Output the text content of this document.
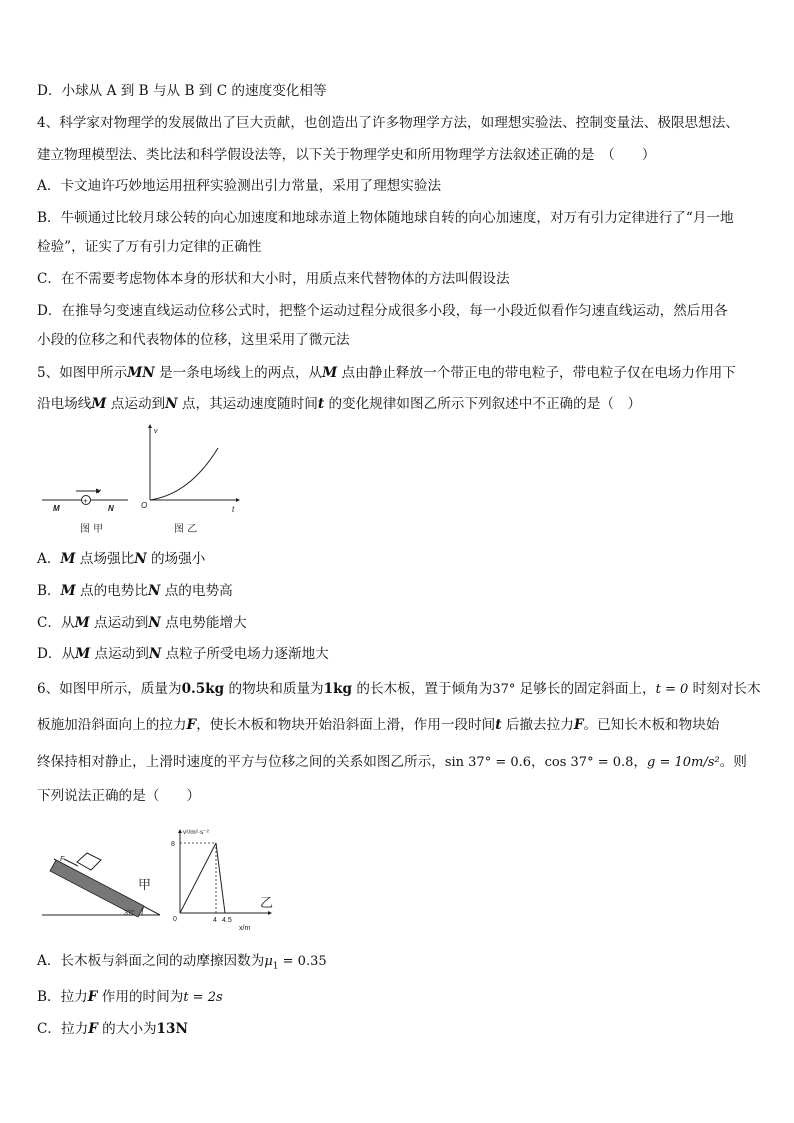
D．小球从 A 到 B 与从 B 到 C 的速度变化相等
4、科学家对物理学的发展做出了巨大贡献，也创造出了许多物理学方法，如理想实验法、控制变量法、极限思想法、
建立物理模型法、类比法和科学假设法等，以下关于物理学史和所用物理学方法叙述正确的是　（　　）
A．卡文迪许巧妙地运用扭秤实验测出引力常量，采用了理想实验法
B．牛顿通过比较月球公转的向心加速度和地球赤道上物体随地球自转的向心加速度，对万有引力定律进行了“月一地
检验”，证实了万有引力定律的正确性
C．在不需要考虑物体本身的形状和大小时，用质点来代替物体的方法叫假设法
D．在推导匀变速直线运动位移公式时，把整个运动过程分成很多小段，每一小段近似看作匀速直线运动，然后用各
小段的位移之和代表物体的位移，这里采用了微元法
5、如图甲所示MN 是一条电场线上的两点，从M 点由静止释放一个带正电的带电粒子，带电粒子仅在电场力作用下
沿电场线M 点运动到N 点，其运动速度随时间t 的变化规律如图乙所示下列叙述中不正确的是（　）
+
v
M	N
图 甲
v
O	t
图 乙
A．M 点场强比N 的场强小
B．M 点的电势比N 点的电势高
C．从M 点运动到N 点电势能增大
D．从M 点运动到N 点粒子所受电场力逐渐地大
6、如图甲所示，质量为0.5kg 的物块和质量为1kg 的长木板，置于倾角为37° 足够长的固定斜面上，t = 0 时刻对长木
板施加沿斜面向上的拉力F，使长木板和物块开始沿斜面上滑，作用一段时间t 后撤去拉力F。已知长木板和物块始
终保持相对静止，上滑时速度的平方与位移之间的关系如图乙所示，sin 37° = 0.6，cos 37° = 0.8，g = 10m/s²。则
下列说法正确的是（　　）
F
37°
甲
v²/m²·s⁻²
8
0	4 4.5
x/m
乙
A．长木板与斜面之间的动摩擦因数为$\mu_1 = 0.35$
B．拉力F 作用的时间为t = 2s
C．拉力F 的大小为13N
